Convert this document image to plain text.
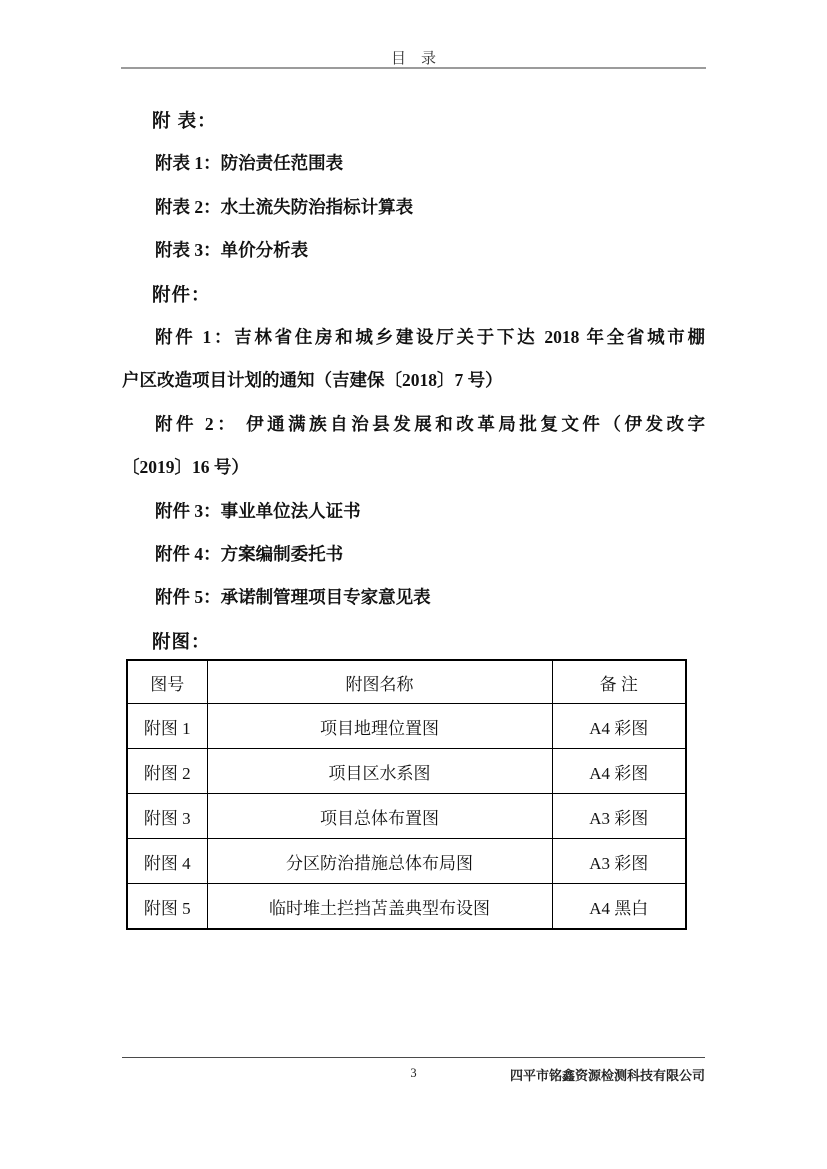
目　录
附 表：
附表 1：防治责任范围表
附表 2：水土流失防治指标计算表
附表 3：单价分析表
附件：
附件 1：吉林省住房和城乡建设厅关于下达 2018 年全省城市棚
户区改造项目计划的通知（吉建保〔2018〕7 号）
附件 2： 伊通满族自治县发展和改革局批复文件（伊发改字
〔2019〕16 号）
附件 3：事业单位法人证书
附件 4：方案编制委托书
附件 5：承诺制管理项目专家意见表
附图：
图号	附图名称	备 注
附图 1	项目地理位置图	A4 彩图
附图 2	项目区水系图	A4 彩图
附图 3	项目总体布置图	A3 彩图
附图 4	分区防治措施总体布局图	A3 彩图
附图 5	临时堆土拦挡苫盖典型布设图	A4 黑白
3	四平市铭鑫资源检测科技有限公司
